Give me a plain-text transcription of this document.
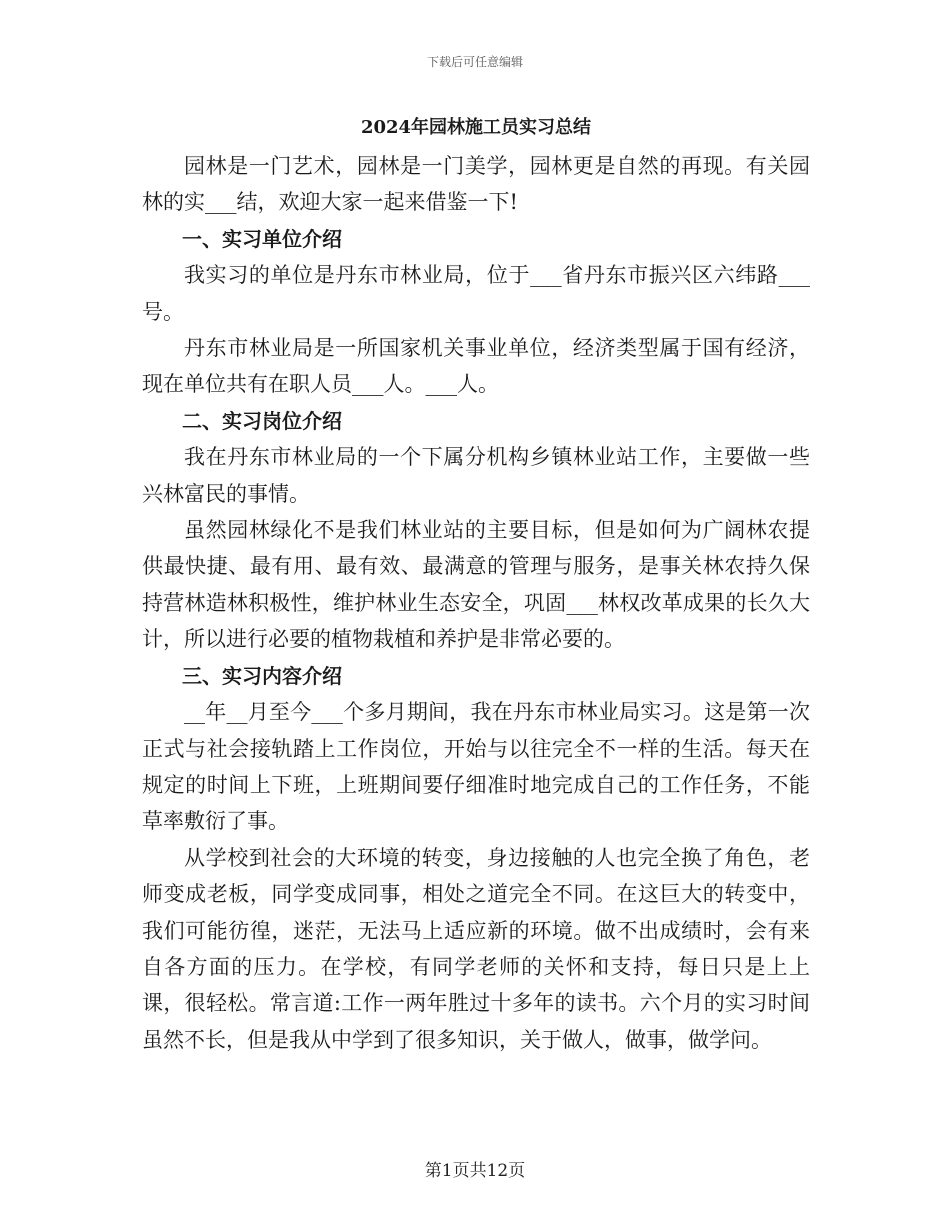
下载后可任意编辑
2024年园林施工员实习总结

园林是一门艺术，园林是一门美学，园林更是自然的再现。有关园林的实___结，欢迎大家一起来借鉴一下!

一、实习单位介绍

我实习的单位是丹东市林业局，位于___省丹东市振兴区六纬路___号。

丹东市林业局是一所国家机关事业单位，经济类型属于国有经济，现在单位共有在职人员___人。___人。

二、实习岗位介绍

我在丹东市林业局的一个下属分机构乡镇林业站工作，主要做一些兴林富民的事情。

虽然园林绿化不是我们林业站的主要目标，但是如何为广阔林农提供最快捷、最有用、最有效、最满意的管理与服务，是事关林农持久保持营林造林积极性，维护林业生态安全，巩固___林权改革成果的长久大计，所以进行必要的植物栽植和养护是非常必要的。

三、实习内容介绍

__年__月至今___个多月期间，我在丹东市林业局实习。这是第一次正式与社会接轨踏上工作岗位，开始与以往完全不一样的生活。每天在规定的时间上下班，上班期间要仔细准时地完成自己的工作任务，不能草率敷衍了事。

从学校到社会的大环境的转变，身边接触的人也完全换了角色，老师变成老板，同学变成同事，相处之道完全不同。在这巨大的转变中，我们可能彷徨，迷茫，无法马上适应新的环境。做不出成绩时，会有来自各方面的压力。在学校，有同学老师的关怀和支持，每日只是上上课，很轻松。常言道:工作一两年胜过十多年的读书。六个月的实习时间虽然不长，但是我从中学到了很多知识，关于做人，做事，做学问。

第1页共12页
